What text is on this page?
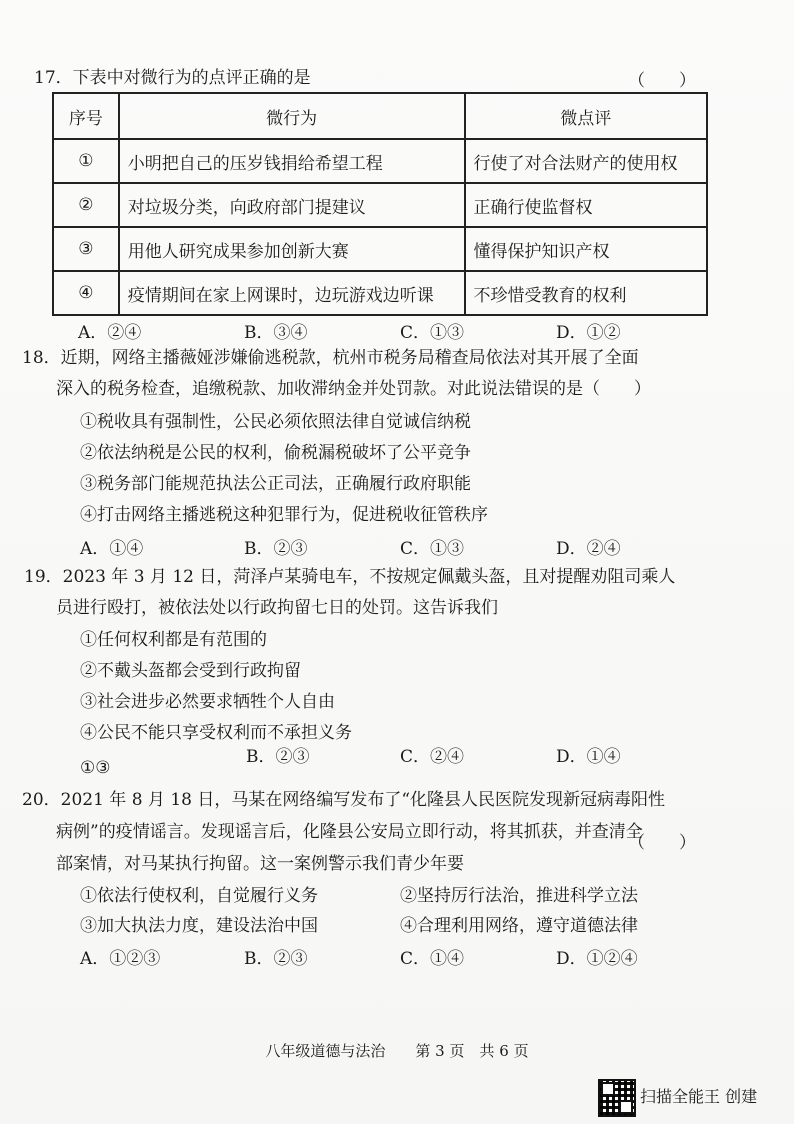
17．下表中对微行为的点评正确的是	（　　）
序号	微行为	微点评
①	小明把自己的压岁钱捐给希望工程	行使了对合法财产的使用权
②	对垃圾分类，向政府部门提建议	正确行使监督权
③	用他人研究成果参加创新大赛	懂得保护知识产权
④	疫情期间在家上网课时，边玩游戏边听课	不珍惜受教育的权利
A．②④	B．③④	C．①③	D．①②
18．近期，网络主播薇娅涉嫌偷逃税款，杭州市税务局稽查局依法对其开展了全面
深入的税务检查，追缴税款、加收滞纳金并处罚款。对此说法错误的是（　　）
①税收具有强制性，公民必须依照法律自觉诚信纳税
②依法纳税是公民的权利，偷税漏税破坏了公平竞争
③税务部门能规范执法公正司法，正确履行政府职能
④打击网络主播逃税这种犯罪行为，促进税收征管秩序
A．①④	B．②③	C．①③	D．②④
19．2023 年 3 月 12 日，菏泽卢某骑电车，不按规定佩戴头盔，且对提醒劝阻司乘人
员进行殴打，被依法处以行政拘留七日的处罚。这告诉我们
①任何权利都是有范围的
②不戴头盔都会受到行政拘留
③社会进步必然要求牺牲个人自由
④公民不能只享受权利而不承担义务
B．②③	C．②④	D．①④
①③
20．2021 年 8 月 18 日，马某在网络编写发布了“化隆县人民医院发现新冠病毒阳性
病例”的疫情谣言。发现谣言后，化隆县公安局立即行动，将其抓获，并查清全
部案情，对马某执行拘留。这一案例警示我们青少年要
（　　）
①依法行使权利，自觉履行义务	②坚持厉行法治，推进科学立法
③加大执法力度，建设法治中国	④合理利用网络，遵守道德法律
A．①②③	B．②③	C．①④	D．①②④
八年级道德与法治　　第 3 页　共 6 页
扫描全能王 创建
